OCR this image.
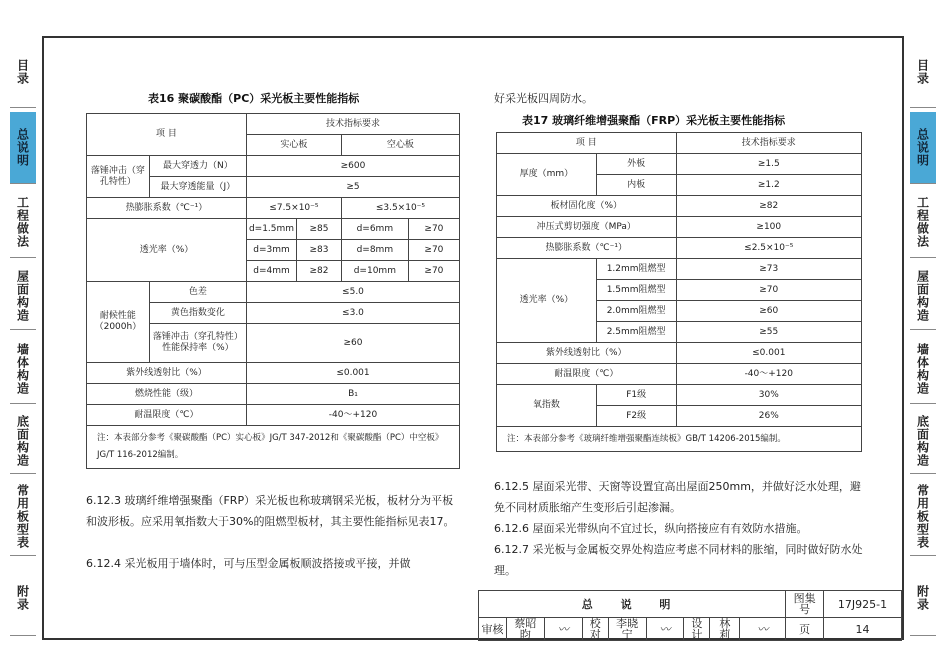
目录
总说明
工程做法
屋面构造
墙体构造
底面构造
常用板型表
附录
目录
总说明
工程做法
屋面构造
墙体构造
底面构造
常用板型表
附录
表16 聚碳酸酯（PC）采光板主要性能指标
项 目		技术指标要求			
		实心板		空心板	
落锤冲击（穿孔特性）	最大穿透力（N）	≥600			
	最大穿透能量（J）	≥5			
热膨胀系数（℃⁻¹）		≤7.5×10⁻⁵		≤3.5×10⁻⁵	
透光率（%）		d=1.5mm	≥85	d=6mm	≥70
		d=3mm	≥83	d=8mm	≥70
		d=4mm	≥82	d=10mm	≥70
耐候性能（2000h）	色差	≤5.0			
	黄色指数变化	≤3.0			
	落锤冲击（穿孔特性）性能保持率（%）	≥60			
紫外线透射比（%）		≤0.001			
燃烧性能（级）		B₁			
耐温限度（℃）		-40～+120			
注：本表部分参考《聚碳酸酯（PC）实心板》JG/T 347-2012和《聚碳酸酯（PC）中空板》JG/T 116-2012编制。					
6.12.3 玻璃纤维增强聚酯（FRP）采光板也称玻璃钢采光板，板材分为平板和波形板。应采用氧指数大于30%的阻燃型板材，其主要性能指标见表17。
6.12.4 采光板用于墙体时，可与压型金属板顺波搭接或平接，并做
好采光板四周防水。
表17 玻璃纤维增强聚酯（FRP）采光板主要性能指标
项 目		技术指标要求
厚度（mm）	外板	≥1.5
	内板	≥1.2
板材固化度（%）		≥82
冲压式剪切强度（MPa）		≥100
热膨胀系数（℃⁻¹）		≤2.5×10⁻⁵
透光率（%）	1.2mm阻燃型	≥73
	1.5mm阻燃型	≥70
	2.0mm阻燃型	≥60
	2.5mm阻燃型	≥55
紫外线透射比（%）		≤0.001
耐温限度（℃）		-40～+120
氧指数	F1级	30%
	F2级	26%
注：本表部分参考《玻璃纤维增强聚酯连续板》GB/T 14206-2015编制。		
6.12.5 屋面采光带、天窗等设置宜高出屋面250mm，并做好泛水处理，避免不同材质胀缩产生变形后引起渗漏。
6.12.6 屋面采光带纵向不宜过长，纵向搭接应有有效防水措施。
6.12.7 采光板与金属板交界处构造应考虑不同材料的胀缩，同时做好防水处理。
总 说 明									图集号	17J925-1
审核	蔡昭昀	〰︎	校对	李晓宁	〰︎	设计	林 莉	〰︎	页	14
